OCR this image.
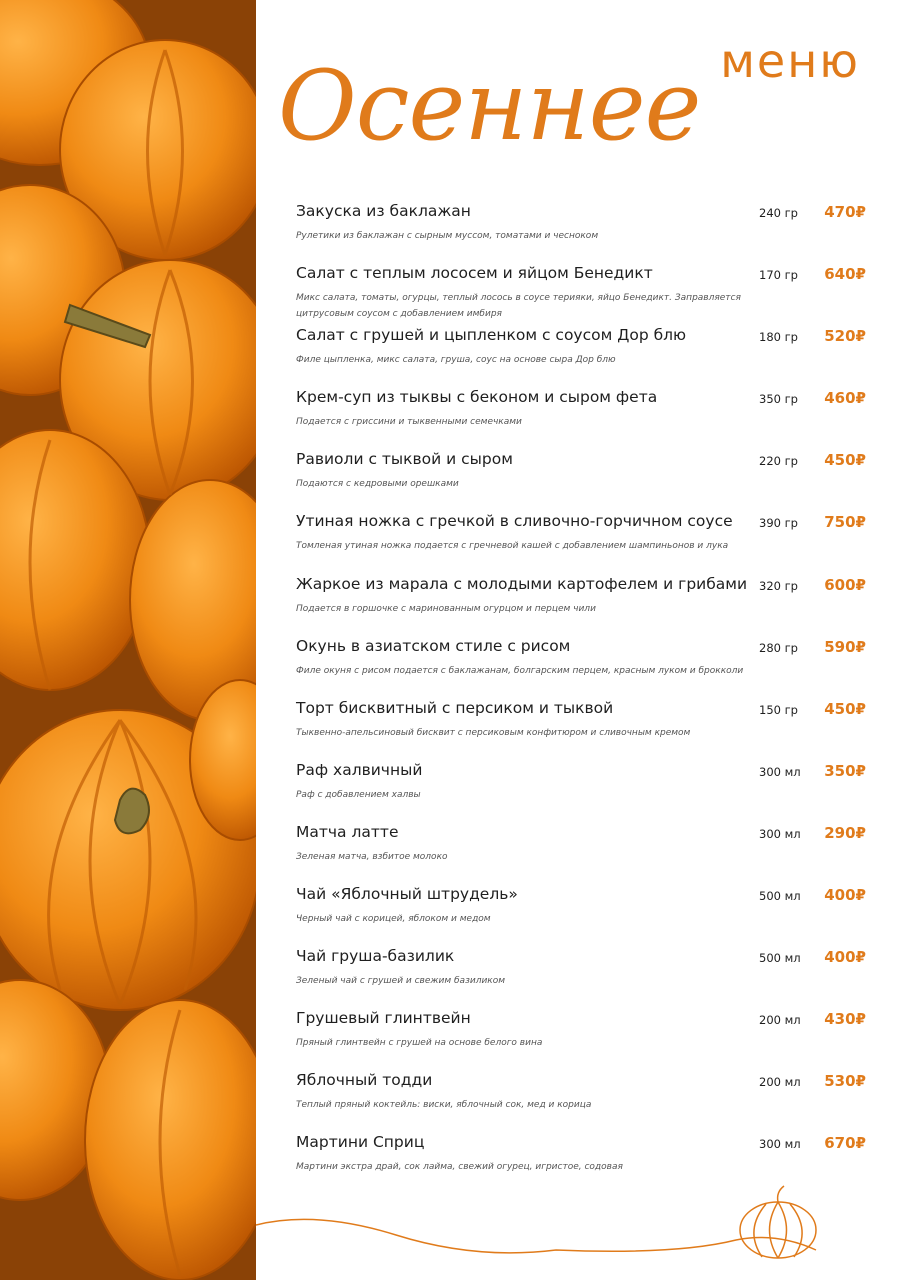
меню
Осеннее
Закуска из баклажан
Рулетики из баклажан с сырным муссом, томатами и чесноком
240 гр 470₽
Салат с теплым лососем и яйцом Бенедикт
Микс салата, томаты, огурцы, теплый лосось в соусе терияки, яйцо Бенедикт. Заправляется цитрусовым соусом с добавлением имбиря
170 гр 640₽
Салат с грушей и цыпленком с соусом Дор блю
Филе цыпленка, микс салата, груша, соус на основе сыра Дор блю
180 гр 520₽
Крем-суп из тыквы с беконом и сыром фета
Подается с гриссини и тыквенными семечками
350 гр 460₽
Равиоли с тыквой и сыром
Подаются с кедровыми орешками
220 гр 450₽
Утиная ножка с гречкой в сливочно-горчичном соусе
Томленая утиная ножка подается с гречневой кашей с добавлением шампиньонов и лука
390 гр 750₽
Жаркое из марала с молодыми картофелем и грибами
Подается в горшочке с маринованным огурцом и перцем чили
320 гр 600₽
Окунь в азиатском стиле с рисом
Филе окуня с рисом подается с баклажанам, болгарским перцем, красным луком и брокколи
280 гр 590₽
Торт бисквитный с персиком и тыквой
Тыквенно-апельсиновый бисквит с персиковым конфитюром и сливочным кремом
150 гр 450₽
Раф халвичный
Раф с добавлением халвы
300 мл 350₽
Матча латте
Зеленая матча, взбитое молоко
300 мл 290₽
Чай «Яблочный штрудель»
Черный чай с корицей, яблоком и медом
500 мл 400₽
Чай груша-базилик
Зеленый чай с грушей и свежим базиликом
500 мл 400₽
Грушевый глинтвейн
Пряный глинтвейн с грушей на основе белого вина
200 мл 430₽
Яблочный тодди
Теплый пряный коктейль: виски, яблочный сок, мед и корица
200 мл 530₽
Мартини Сприц
Мартини экстра драй, сок лайма, свежий огурец, игристое, содовая
300 мл 670₽
